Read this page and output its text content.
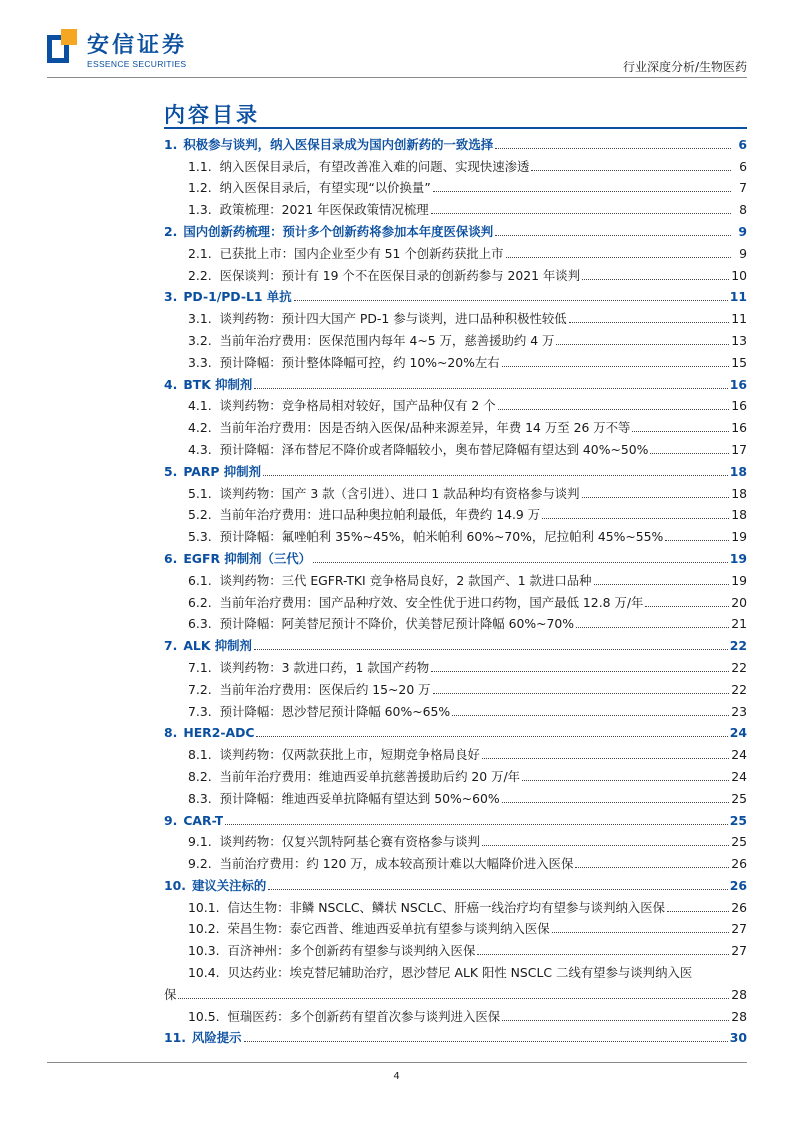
安信证券
ESSENCE SECURITIES	行业深度分析/生物医药
内容目录
1. 积极参与谈判，纳入医保目录成为国内创新药的一致选择	6
1.1. 纳入医保目录后，有望改善准入难的问题、实现快速渗透	6
1.2. 纳入医保目录后，有望实现“以价换量”	7
1.3. 政策梳理：2021 年医保政策情况梳理	8
2. 国内创新药梳理：预计多个创新药将参加本年度医保谈判	9
2.1. 已获批上市：国内企业至少有 51 个创新药获批上市	9
2.2. 医保谈判：预计有 19 个不在医保目录的创新药参与 2021 年谈判	10
3. PD-1/PD-L1 单抗	11
3.1. 谈判药物：预计四大国产 PD-1 参与谈判，进口品种积极性较低	11
3.2. 当前年治疗费用：医保范围内每年 4~5 万，慈善援助约 4 万	13
3.3. 预计降幅：预计整体降幅可控，约 10%~20%左右	15
4. BTK 抑制剂	16
4.1. 谈判药物：竞争格局相对较好，国产品种仅有 2 个	16
4.2. 当前年治疗费用：因是否纳入医保/品种来源差异，年费 14 万至 26 万不等	16
4.3. 预计降幅：泽布替尼不降价或者降幅较小，奥布替尼降幅有望达到 40%~50%	17
5. PARP 抑制剂	18
5.1. 谈判药物：国产 3 款（含引进）、进口 1 款品种均有资格参与谈判	18
5.2. 当前年治疗费用：进口品种奥拉帕利最低，年费约 14.9 万	18
5.3. 预计降幅：氟唑帕利 35%~45%，帕米帕利 60%~70%，尼拉帕利 45%~55%	19
6. EGFR 抑制剂（三代）	19
6.1. 谈判药物：三代 EGFR-TKI 竞争格局良好，2 款国产、1 款进口品种	19
6.2. 当前年治疗费用：国产品种疗效、安全性优于进口药物，国产最低 12.8 万/年	20
6.3. 预计降幅：阿美替尼预计不降价，伏美替尼预计降幅 60%~70%	21
7. ALK 抑制剂	22
7.1. 谈判药物：3 款进口药，1 款国产药物	22
7.2. 当前年治疗费用：医保后约 15~20 万	22
7.3. 预计降幅：恩沙替尼预计降幅 60%~65%	23
8. HER2-ADC	24
8.1. 谈判药物：仅两款获批上市，短期竞争格局良好	24
8.2. 当前年治疗费用：维迪西妥单抗慈善援助后约 20 万/年	24
8.3. 预计降幅：维迪西妥单抗降幅有望达到 50%~60%	25
9. CAR-T	25
9.1. 谈判药物：仅复兴凯特阿基仑赛有资格参与谈判	25
9.2. 当前治疗费用：约 120 万，成本较高预计难以大幅降价进入医保	26
10. 建议关注标的	26
10.1. 信达生物：非鳞 NSCLC、鳞状 NSCLC、肝癌一线治疗均有望参与谈判纳入医保	26
10.2. 荣昌生物：泰它西普、维迪西妥单抗有望参与谈判纳入医保	27
10.3. 百济神州：多个创新药有望参与谈判纳入医保	27
10.4. 贝达药业：埃克替尼辅助治疗，恩沙替尼 ALK 阳性 NSCLC 二线有望参与谈判纳入医
保	28
10.5. 恒瑞医药：多个创新药有望首次参与谈判进入医保	28
11. 风险提示	30
4
